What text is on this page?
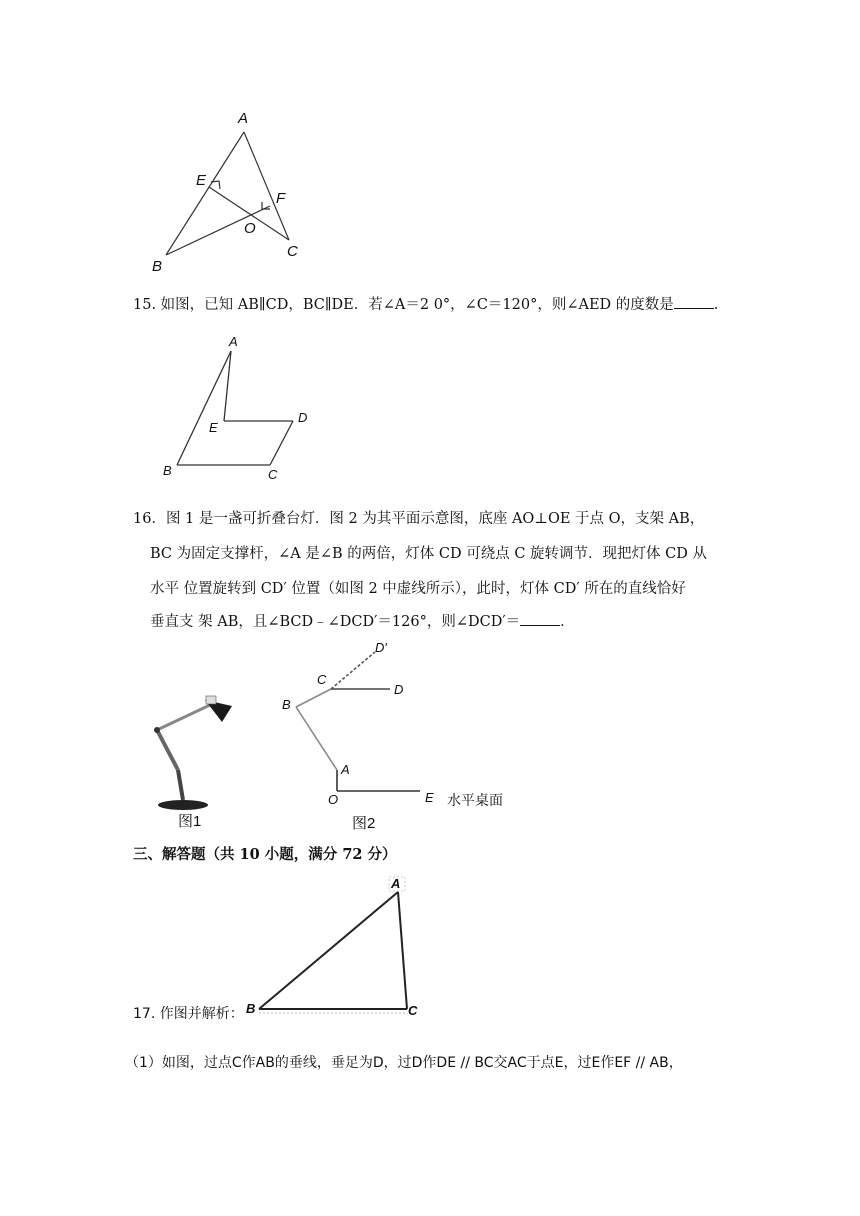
A
E
F
O
C
B
15. 如图，已知 AB∥CD，BC∥DE．若∠A＝2 0°，∠C＝120°，则∠AED 的度数是	．
A
E
D
B	C
16．图 1 是一盏可折叠台灯．图 2 为其平面示意图，底座 AO⊥OE 于点 O，支架 AB，
BC 为固定支撑杆，∠A 是∠B 的两倍，灯体 CD 可绕点 C 旋转调节．现把灯体 CD 从
水平 位置旋转到 CD′ 位置（如图 2 中虚线所示），此时，灯体 CD′ 所在的直线恰好
垂直支 架 AB，且∠BCD﹣∠DCD′＝126°，则∠DCD′＝	．
图1
D′
C
D
B
A
O	E 水平桌面
图2
三、解答题（共 10 小题，满分 72 分）
A
B	C
17. 作图并解析：
（1）如图，过点C作AB的垂线，垂足为D，过D作DE // BC交AC于点E，过E作EF // AB，
